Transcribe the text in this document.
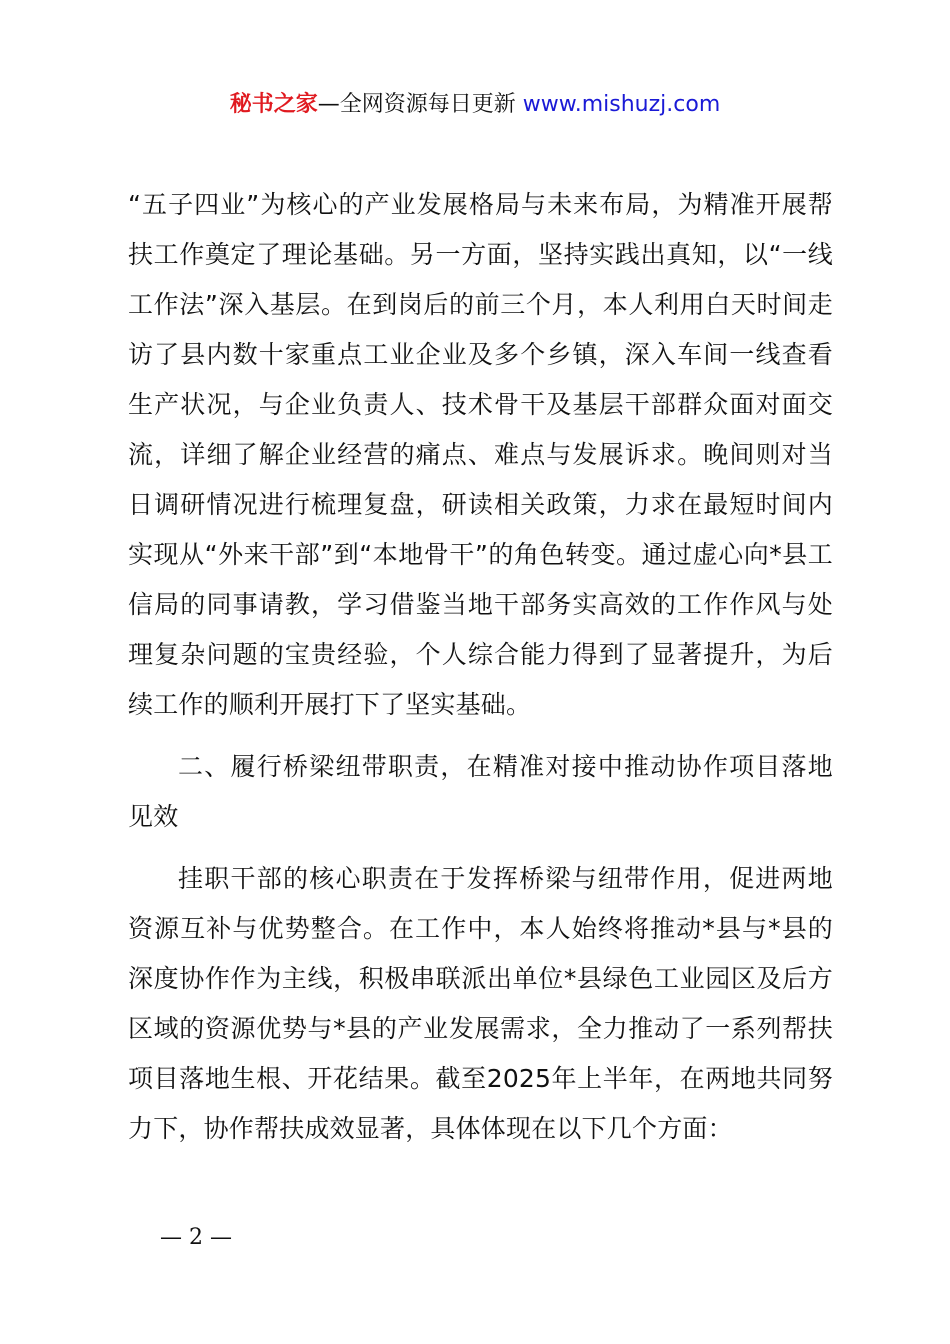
秘书之家—全网资源每日更新 www.mishuzj.com

“五子四业”为核心的产业发展格局与未来布局，为精准开展帮扶工作奠定了理论基础。另一方面，坚持实践出真知，以“一线工作法”深入基层。在到岗后的前三个月，本人利用白天时间走访了县内数十家重点工业企业及多个乡镇，深入车间一线查看生产状况，与企业负责人、技术骨干及基层干部群众面对面交流，详细了解企业经营的痛点、难点与发展诉求。晚间则对当日调研情况进行梳理复盘，研读相关政策，力求在最短时间内实现从“外来干部”到“本地骨干”的角色转变。通过虚心向*县工信局的同事请教，学习借鉴当地干部务实高效的工作作风与处理复杂问题的宝贵经验，个人综合能力得到了显著提升，为后续工作的顺利开展打下了坚实基础。

二、履行桥梁纽带职责，在精准对接中推动协作项目落地见效

挂职干部的核心职责在于发挥桥梁与纽带作用，促进两地资源互补与优势整合。在工作中，本人始终将推动*县与*县的深度协作作为主线，积极串联派出单位*县绿色工业园区及后方区域的资源优势与*县的产业发展需求，全力推动了一系列帮扶项目落地生根、开花结果。截至2025年上半年，在两地共同努力下，协作帮扶成效显著，具体体现在以下几个方面：

— 2 —
